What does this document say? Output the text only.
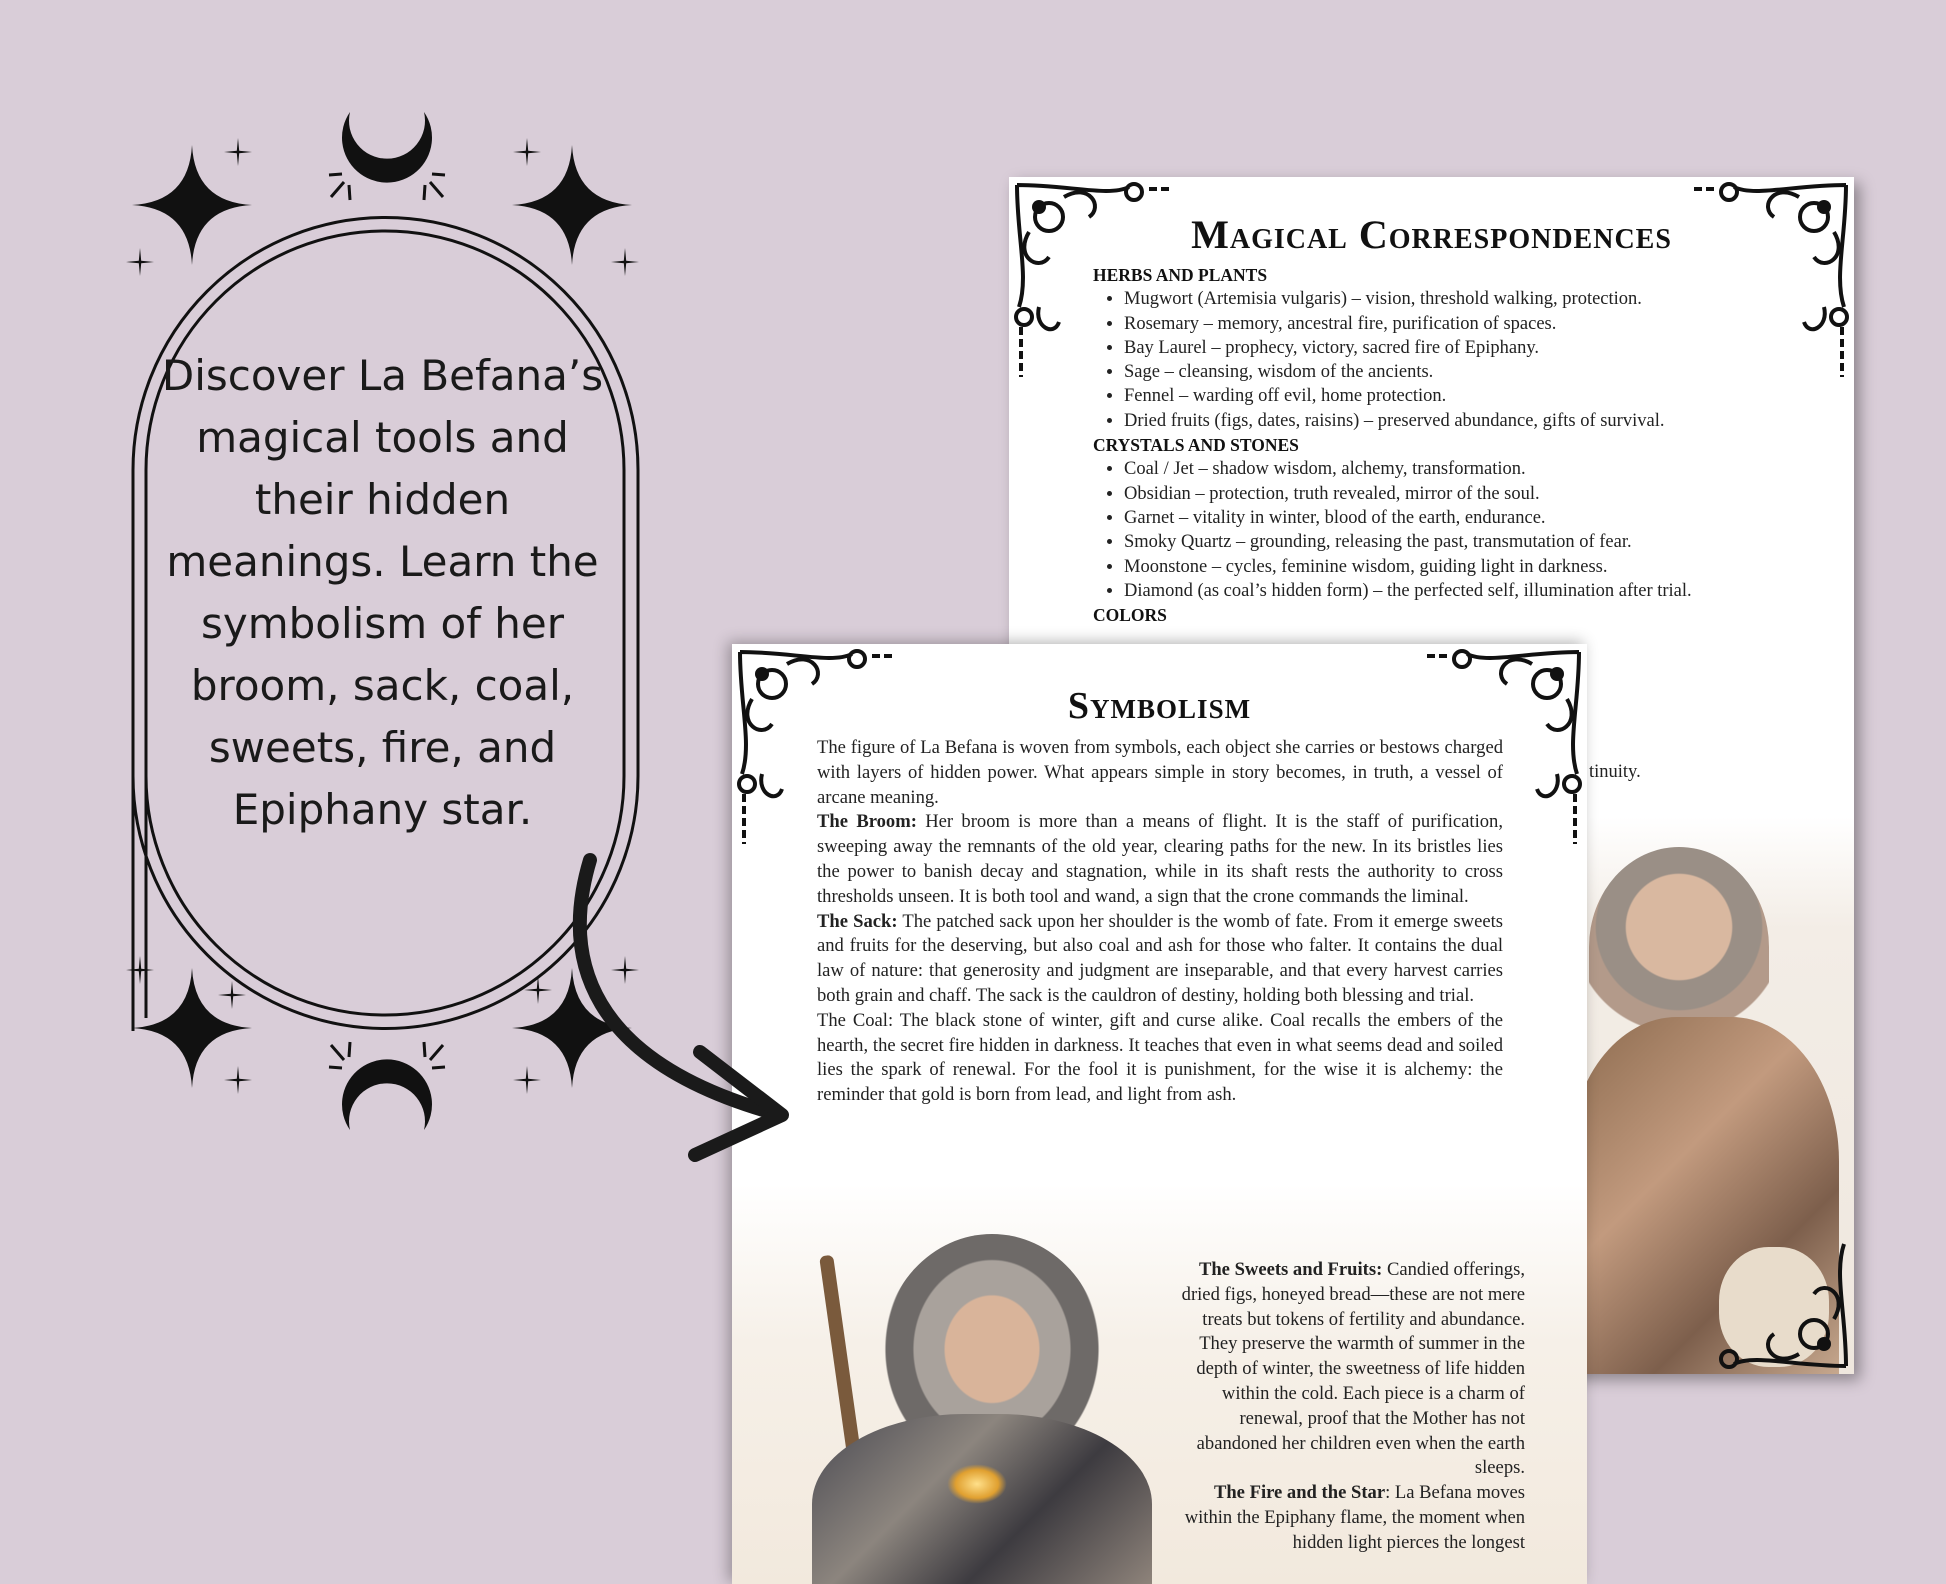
Discover La Befana’s magical tools and their hidden meanings. Learn the symbolism of her broom, sack, coal, sweets, fire, and Epiphany star.
Magical Correspondences
HERBS AND PLANTS
• Mugwort (Artemisia vulgaris) – vision, threshold walking, protection.
• Rosemary – memory, ancestral fire, purification of spaces.
• Bay Laurel – prophecy, victory, sacred fire of Epiphany.
• Sage – cleansing, wisdom of the ancients.
• Fennel – warding off evil, home protection.
• Dried fruits (figs, dates, raisins) – preserved abundance, gifts of survival.
CRYSTALS AND STONES
• Coal / Jet – shadow wisdom, alchemy, transformation.
• Obsidian – protection, truth revealed, mirror of the soul.
• Garnet – vitality in winter, blood of the earth, endurance.
• Smoky Quartz – grounding, releasing the past, transmutation of fear.
• Moonstone – cycles, feminine wisdom, guiding light in darkness.
• Diamond (as coal’s hidden form) – the perfected self, illumination after trial.
COLORS
tinuity.
Symbolism

The figure of La Befana is woven from symbols, each object she carries or bestows charged with layers of hidden power. What appears simple in story becomes, in truth, a vessel of arcane meaning.

The Broom: Her broom is more than a means of flight. It is the staff of purification, sweeping away the remnants of the old year, clearing paths for the new. In its bristles lies the power to banish decay and stagnation, while in its shaft rests the authority to cross thresholds unseen. It is both tool and wand, a sign that the crone commands the liminal.

The Sack: The patched sack upon her shoulder is the womb of fate. From it emerge sweets and fruits for the deserving, but also coal and ash for those who falter. It contains the dual law of nature: that generosity and judgment are inseparable, and that every harvest carries both grain and chaff. The sack is the cauldron of destiny, holding both blessing and trial.

The Coal: The black stone of winter, gift and curse alike. Coal recalls the embers of the hearth, the secret fire hidden in darkness. It teaches that even in what seems dead and soiled lies the spark of renewal. For the fool it is punishment, for the wise it is alchemy: the reminder that gold is born from lead, and light from ash.

The Sweets and Fruits: Candied offerings, dried figs, honeyed bread—these are not mere treats but tokens of fertility and abundance. They preserve the warmth of summer in the depth of winter, the sweetness of life hidden within the cold. Each piece is a charm of renewal, proof that the Mother has not abandoned her children even when the earth sleeps.

The Fire and the Star: La Befana moves within the Epiphany flame, the moment when hidden light pierces the longest
